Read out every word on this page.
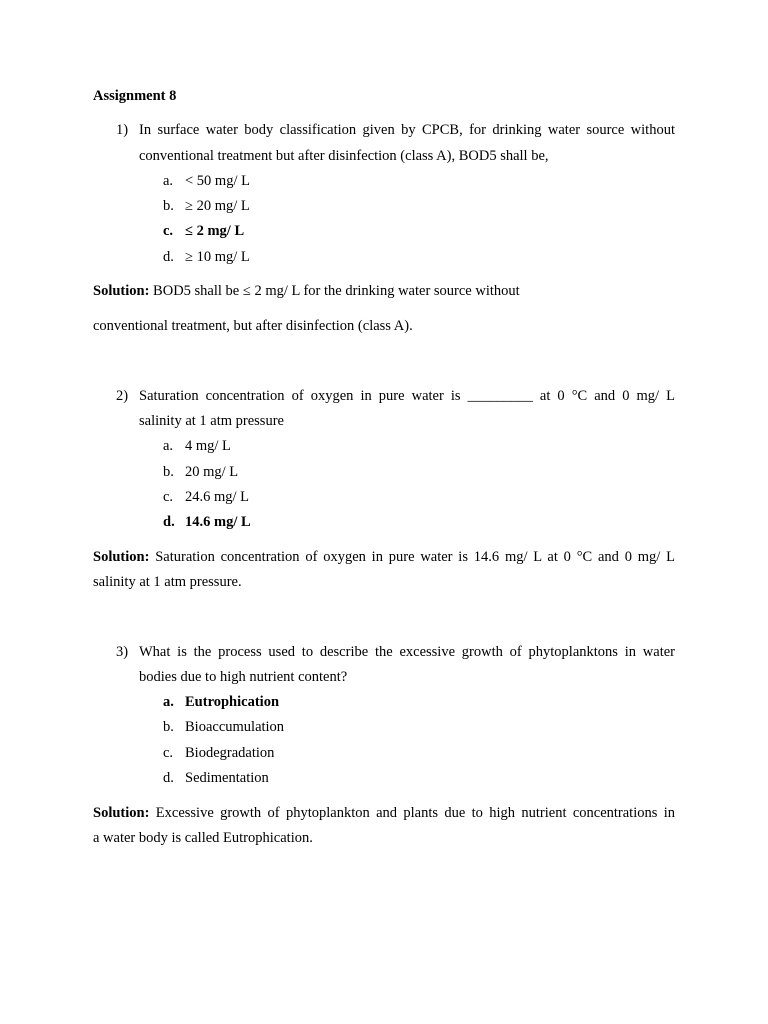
Assignment 8
1) In surface water body classification given by CPCB, for drinking water source without
conventional treatment but after disinfection (class A), BOD5 shall be,
a. < 50 mg/ L
b. ≥ 20 mg/ L
c. ≤ 2 mg/ L
d. ≥ 10 mg/ L
Solution: BOD5 shall be ≤ 2 mg/ L for the drinking water source without
conventional treatment, but after disinfection (class A).
2) Saturation concentration of oxygen in pure water is _________ at 0 °C and 0 mg/ L
salinity at 1 atm pressure
a. 4 mg/ L
b. 20 mg/ L
c. 24.6 mg/ L
d. 14.6 mg/ L
Solution: Saturation concentration of oxygen in pure water is 14.6 mg/ L at 0 °C and 0 mg/ L
salinity at 1 atm pressure.
3) What is the process used to describe the excessive growth of phytoplanktons in water
bodies due to high nutrient content?
a. Eutrophication
b. Bioaccumulation
c. Biodegradation
d. Sedimentation
Solution: Excessive growth of phytoplankton and plants due to high nutrient concentrations in
a water body is called Eutrophication.
